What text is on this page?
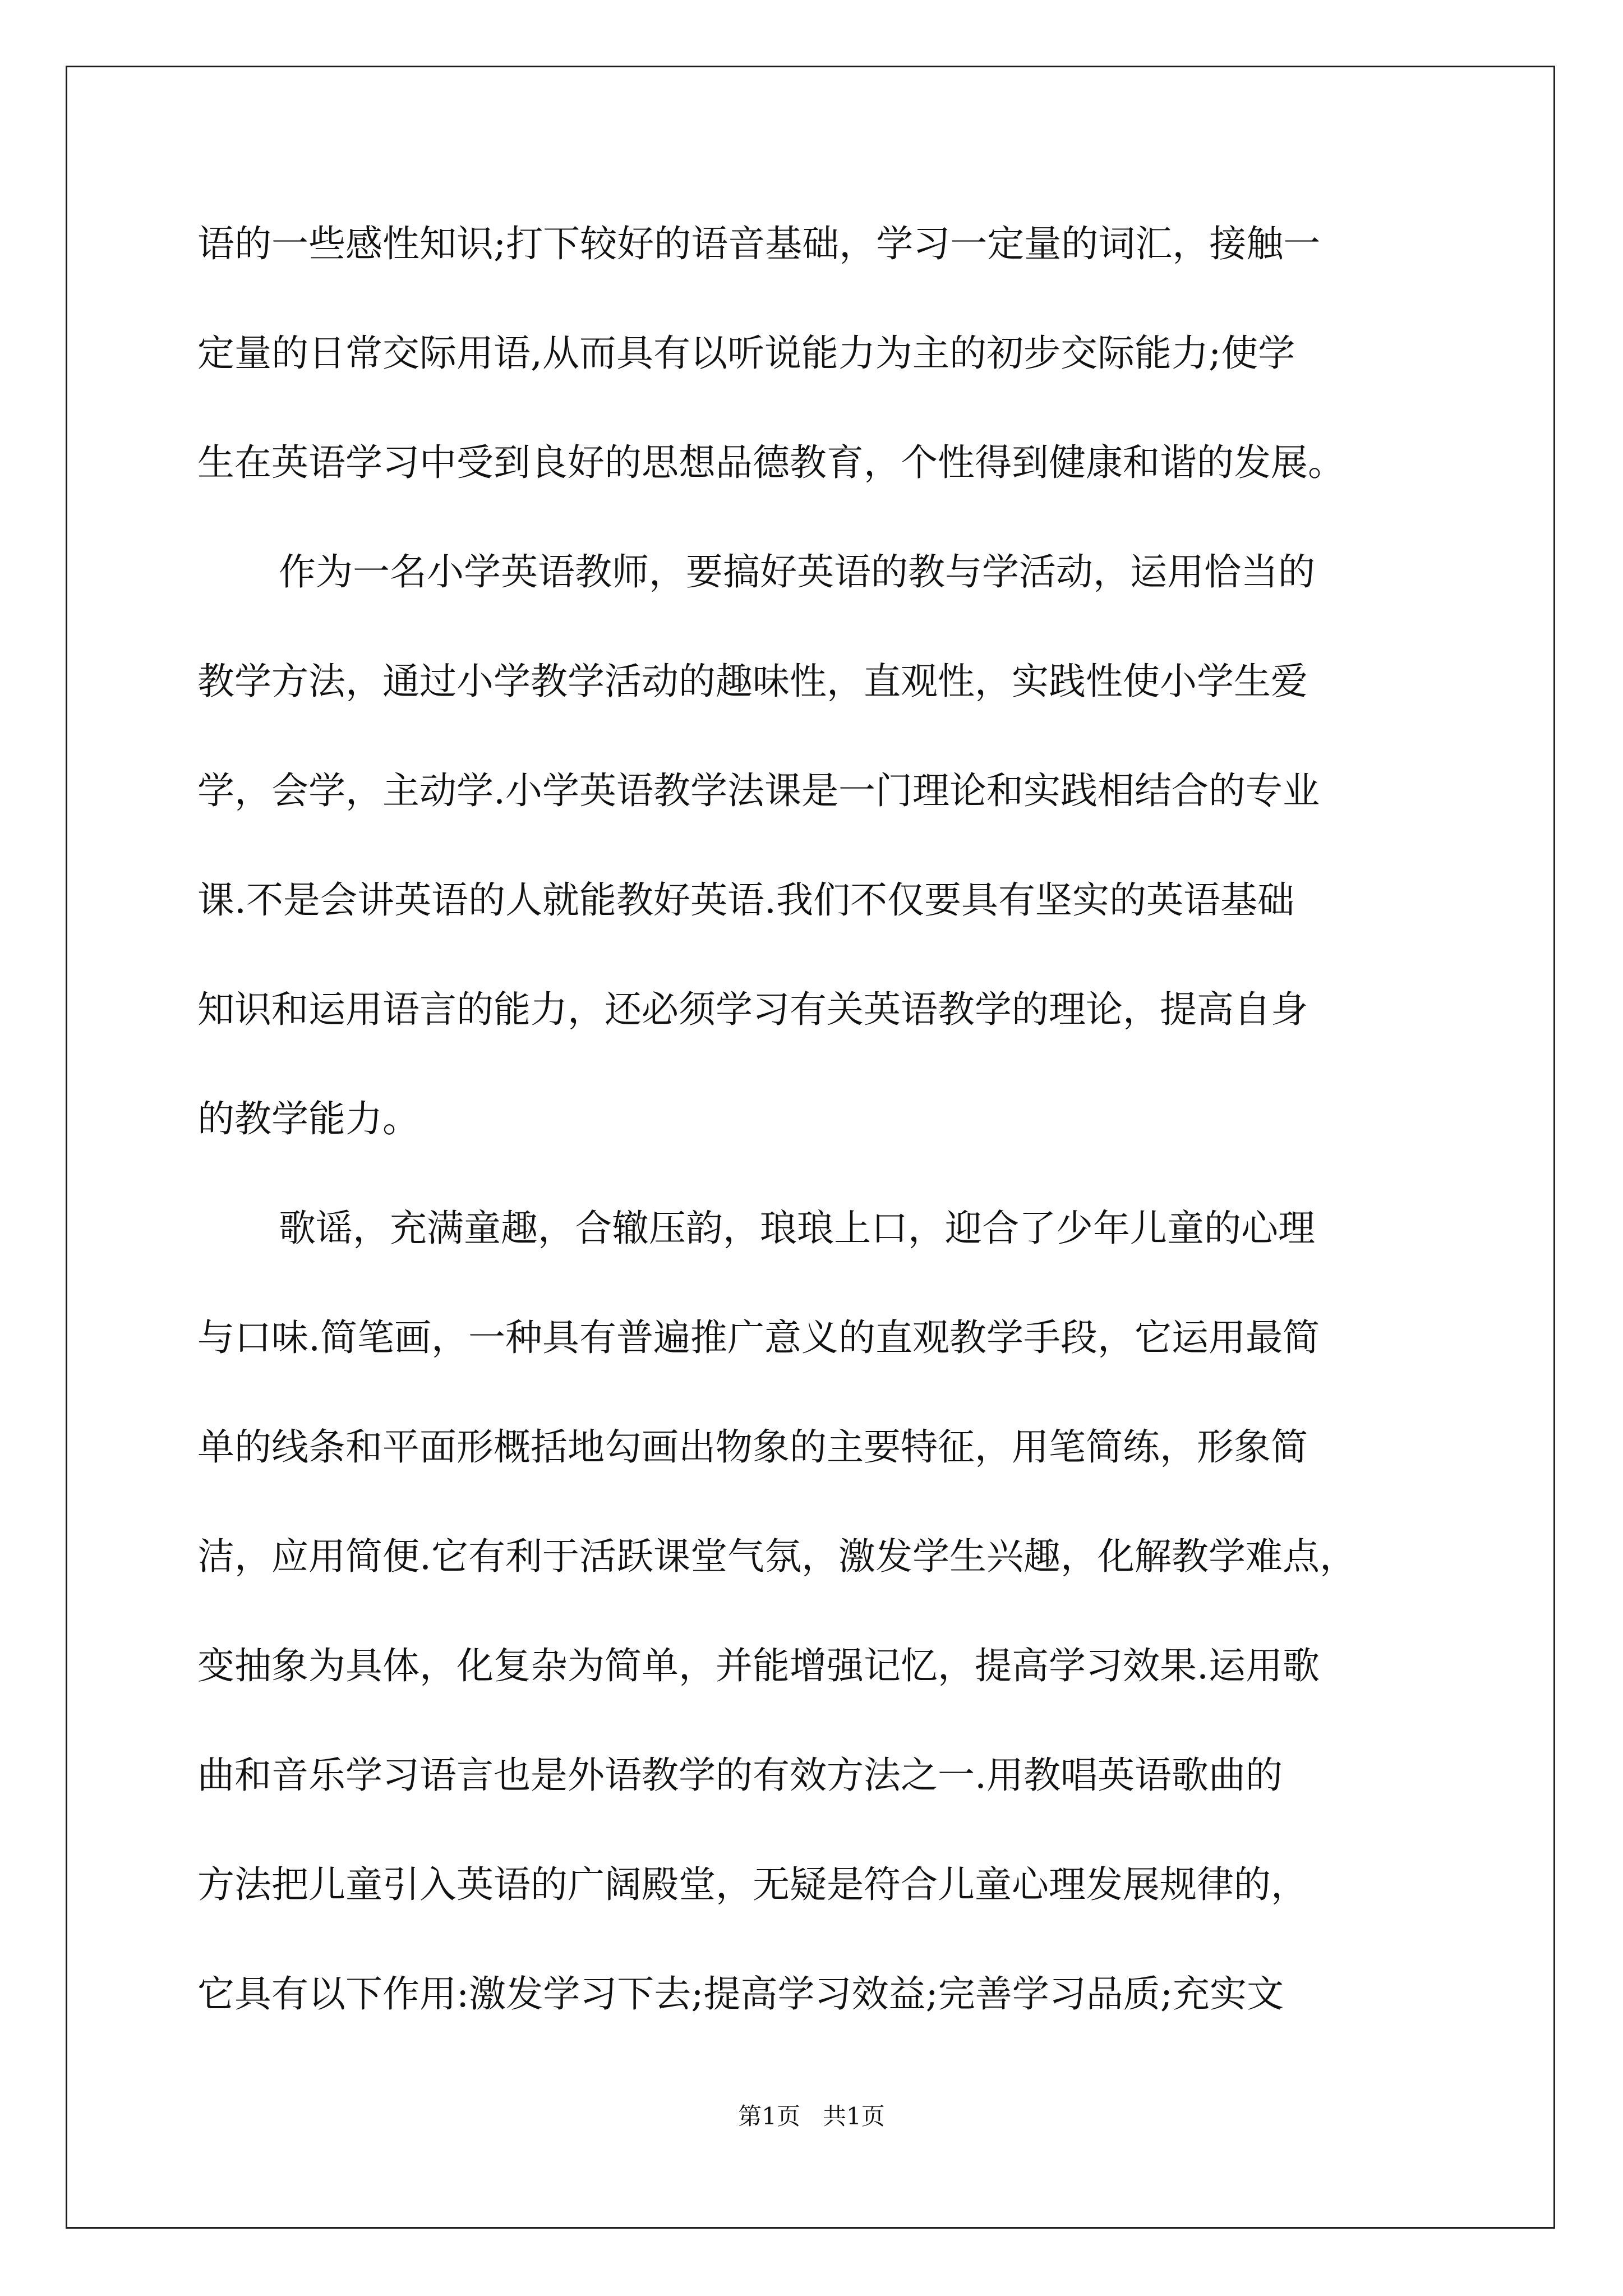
语的一些感性知识;打下较好的语音基础，学习一定量的词汇，接触一
定量的日常交际用语,从而具有以听说能力为主的初步交际能力;使学
生在英语学习中受到良好的思想品德教育，个性得到健康和谐的发展。
作为一名小学英语教师，要搞好英语的教与学活动，运用恰当的
教学方法，通过小学教学活动的趣味性，直观性，实践性使小学生爱
学，会学，主动学.小学英语教学法课是一门理论和实践相结合的专业
课.不是会讲英语的人就能教好英语.我们不仅要具有坚实的英语基础
知识和运用语言的能力，还必须学习有关英语教学的理论，提高自身
的教学能力。
歌谣，充满童趣，合辙压韵，琅琅上口，迎合了少年儿童的心理
与口味.简笔画，一种具有普遍推广意义的直观教学手段，它运用最简
单的线条和平面形概括地勾画出物象的主要特征，用笔简练，形象简
洁，应用简便.它有利于活跃课堂气氛，激发学生兴趣，化解教学难点，
变抽象为具体，化复杂为简单，并能增强记忆，提高学习效果.运用歌
曲和音乐学习语言也是外语教学的有效方法之一.用教唱英语歌曲的
方法把儿童引入英语的广阔殿堂，无疑是符合儿童心理发展规律的，
它具有以下作用:激发学习下去;提高学习效益;完善学习品质;充实文
第1页   共1页
